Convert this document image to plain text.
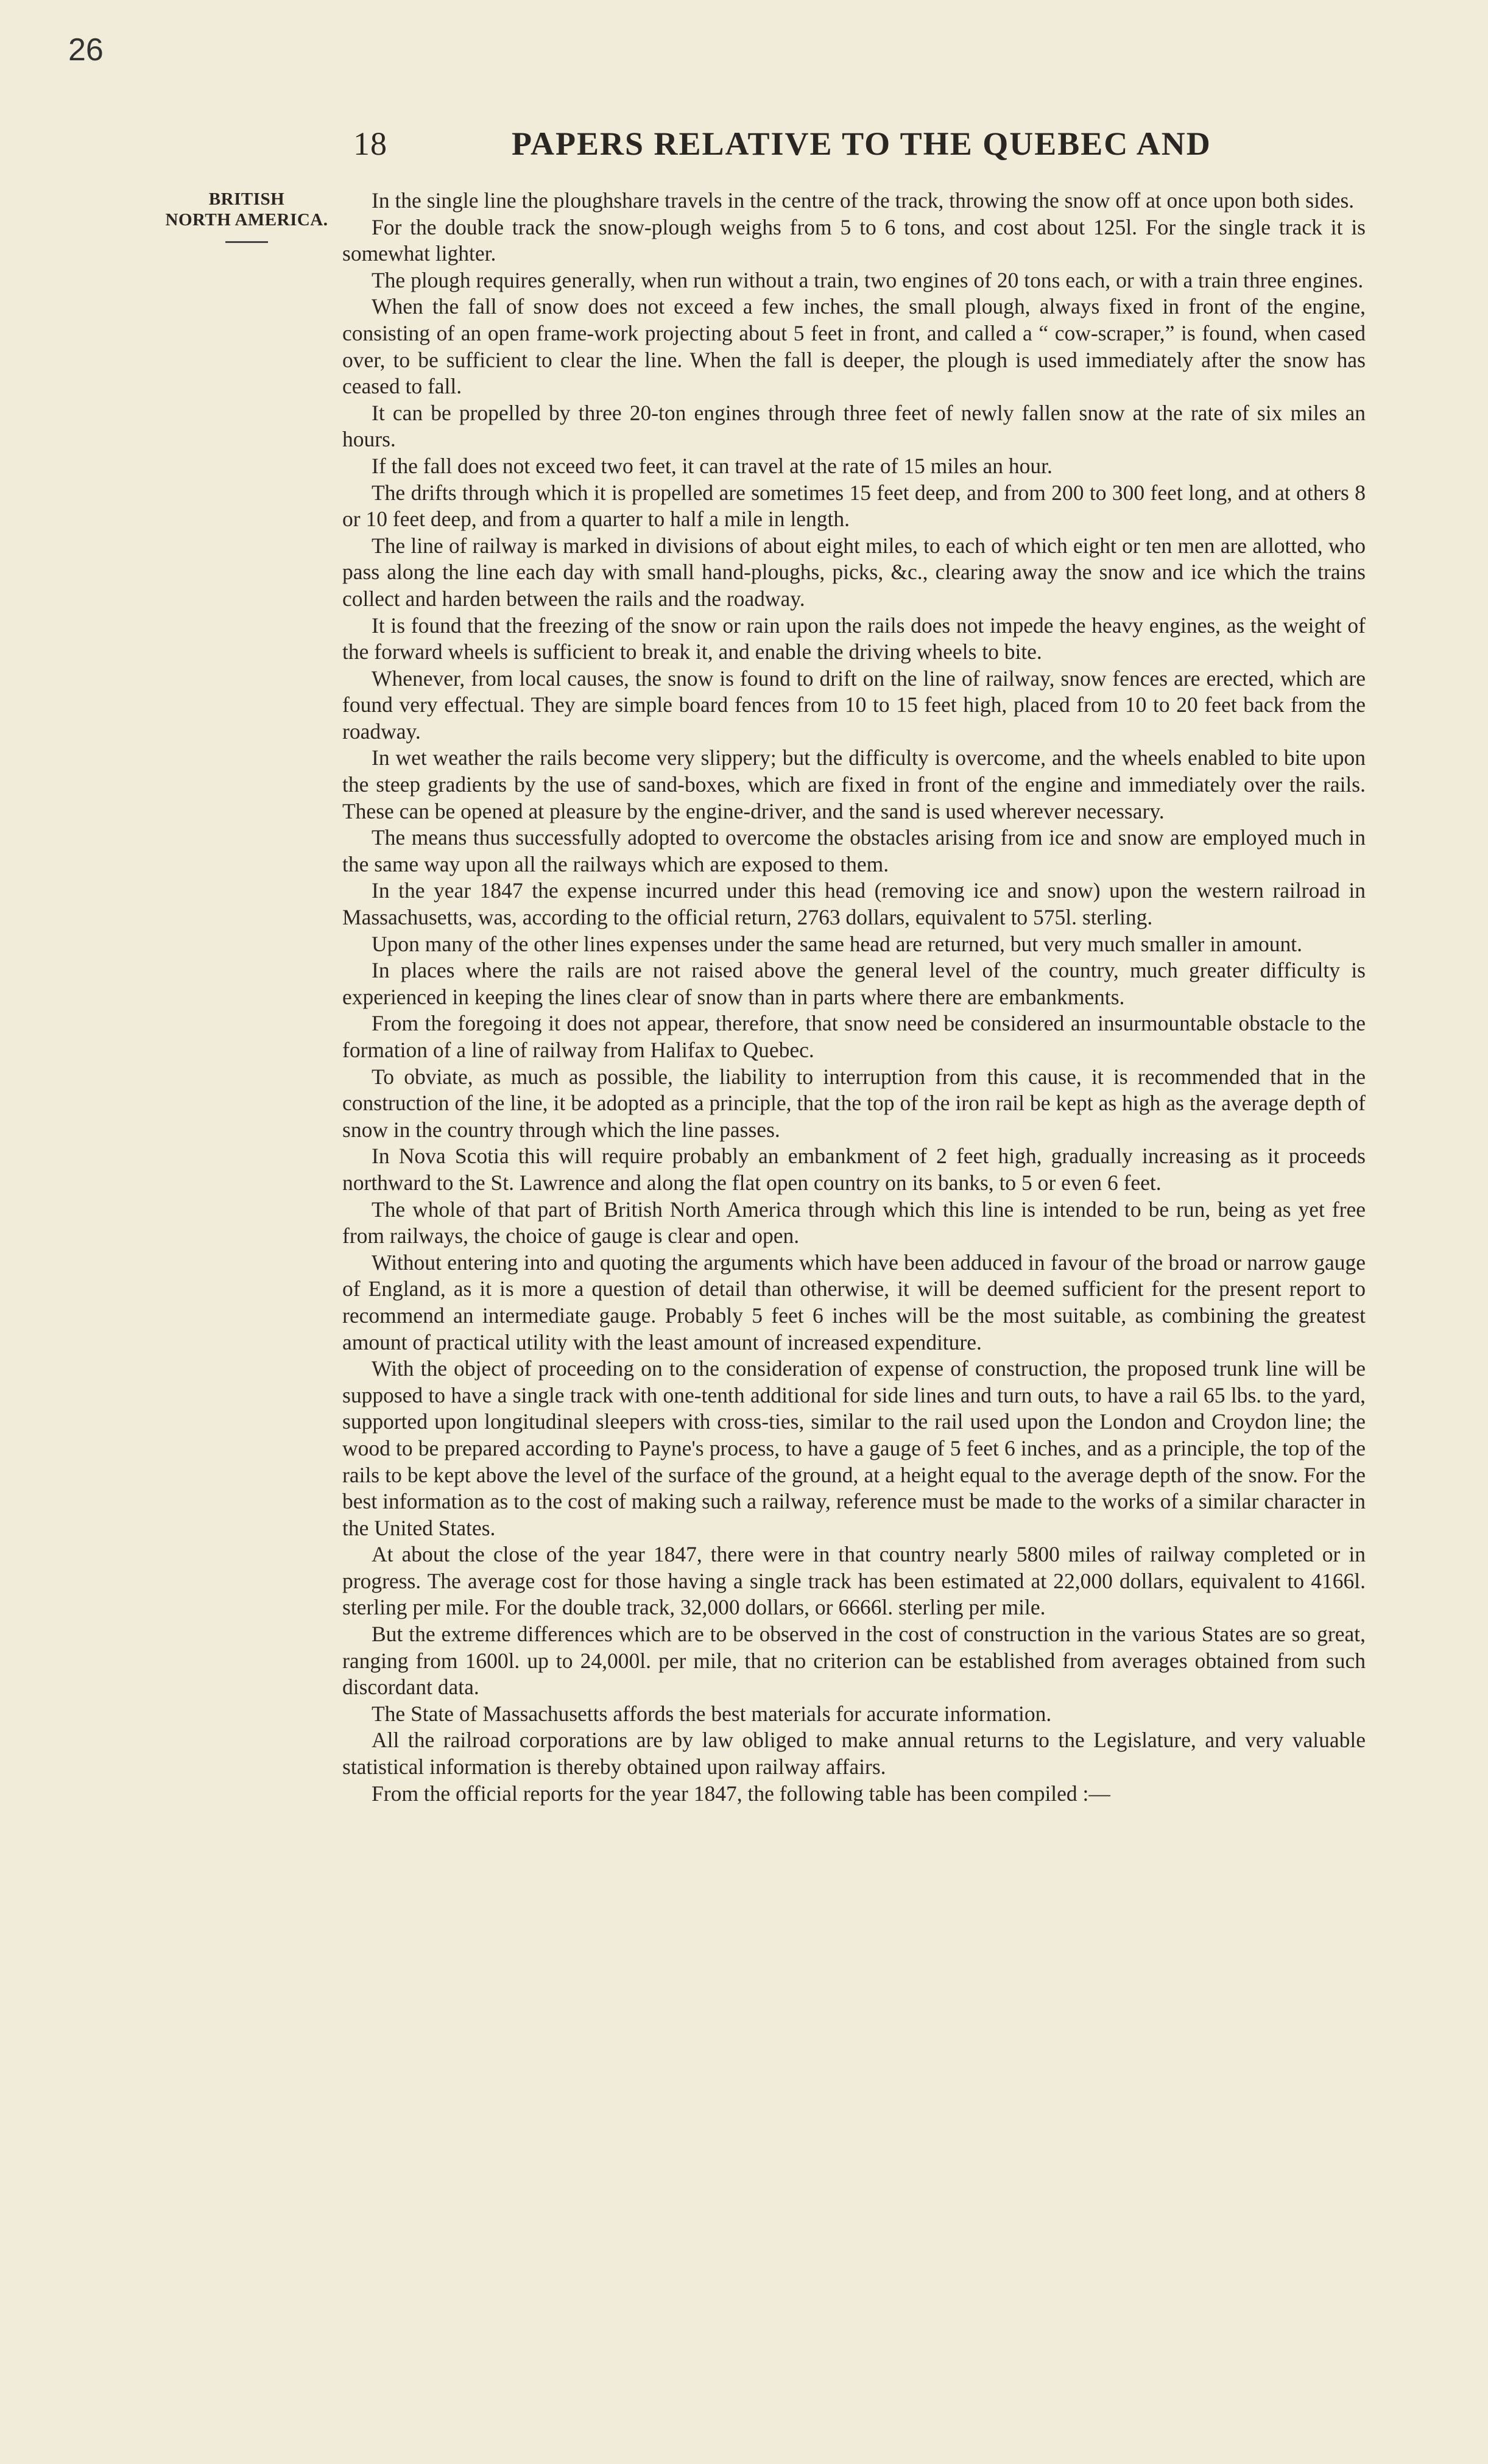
26
18	PAPERS RELATIVE TO THE QUEBEC AND
BRITISH
NORTH AMERICA.

In the single line the ploughshare travels in the centre of the track, throwing the snow off at once upon both sides.

For the double track the snow-plough weighs from 5 to 6 tons, and cost about 125l. For the single track it is somewhat lighter.

The plough requires generally, when run without a train, two engines of 20 tons each, or with a train three engines.

When the fall of snow does not exceed a few inches, the small plough, always fixed in front of the engine, consisting of an open frame-work projecting about 5 feet in front, and called a “ cow-scraper,” is found, when cased over, to be sufficient to clear the line. When the fall is deeper, the plough is used immediately after the snow has ceased to fall.

It can be propelled by three 20-ton engines through three feet of newly fallen snow at the rate of six miles an hours.

If the fall does not exceed two feet, it can travel at the rate of 15 miles an hour.

The drifts through which it is propelled are sometimes 15 feet deep, and from 200 to 300 feet long, and at others 8 or 10 feet deep, and from a quarter to half a mile in length.

The line of railway is marked in divisions of about eight miles, to each of which eight or ten men are allotted, who pass along the line each day with small hand-ploughs, picks, &c., clearing away the snow and ice which the trains collect and harden between the rails and the roadway.

It is found that the freezing of the snow or rain upon the rails does not impede the heavy engines, as the weight of the forward wheels is sufficient to break it, and enable the driving wheels to bite.

Whenever, from local causes, the snow is found to drift on the line of railway, snow fences are erected, which are found very effectual. They are simple board fences from 10 to 15 feet high, placed from 10 to 20 feet back from the roadway.

In wet weather the rails become very slippery; but the difficulty is overcome, and the wheels enabled to bite upon the steep gradients by the use of sand-boxes, which are fixed in front of the engine and immediately over the rails. These can be opened at pleasure by the engine-driver, and the sand is used wherever necessary.

The means thus successfully adopted to overcome the obstacles arising from ice and snow are employed much in the same way upon all the railways which are exposed to them.

In the year 1847 the expense incurred under this head (removing ice and snow) upon the western railroad in Massachusetts, was, according to the official return, 2763 dollars, equivalent to 575l. sterling.

Upon many of the other lines expenses under the same head are returned, but very much smaller in amount.

In places where the rails are not raised above the general level of the country, much greater difficulty is experienced in keeping the lines clear of snow than in parts where there are embankments.

From the foregoing it does not appear, therefore, that snow need be considered an insurmountable obstacle to the formation of a line of railway from Halifax to Quebec.

To obviate, as much as possible, the liability to interruption from this cause, it is recommended that in the construction of the line, it be adopted as a principle, that the top of the iron rail be kept as high as the average depth of snow in the country through which the line passes.

In Nova Scotia this will require probably an embankment of 2 feet high, gradually increasing as it proceeds northward to the St. Lawrence and along the flat open country on its banks, to 5 or even 6 feet.

The whole of that part of British North America through which this line is intended to be run, being as yet free from railways, the choice of gauge is clear and open.

Without entering into and quoting the arguments which have been adduced in favour of the broad or narrow gauge of England, as it is more a question of detail than otherwise, it will be deemed sufficient for the present report to recommend an intermediate gauge. Probably 5 feet 6 inches will be the most suitable, as combining the greatest amount of practical utility with the least amount of increased expenditure.

With the object of proceeding on to the consideration of expense of construction, the proposed trunk line will be supposed to have a single track with one-tenth additional for side lines and turn outs, to have a rail 65 lbs. to the yard, supported upon longitudinal sleepers with cross-ties, similar to the rail used upon the London and Croydon line; the wood to be prepared according to Payne's process, to have a gauge of 5 feet 6 inches, and as a principle, the top of the rails to be kept above the level of the surface of the ground, at a height equal to the average depth of the snow. For the best information as to the cost of making such a railway, reference must be made to the works of a similar character in the United States.

At about the close of the year 1847, there were in that country nearly 5800 miles of railway completed or in progress. The average cost for those having a single track has been estimated at 22,000 dollars, equivalent to 4166l. sterling per mile. For the double track, 32,000 dollars, or 6666l. sterling per mile.

But the extreme differences which are to be observed in the cost of construction in the various States are so great, ranging from 1600l. up to 24,000l. per mile, that no criterion can be established from averages obtained from such discordant data.

The State of Massachusetts affords the best materials for accurate information.

All the railroad corporations are by law obliged to make annual returns to the Legislature, and very valuable statistical information is thereby obtained upon railway affairs.

From the official reports for the year 1847, the following table has been compiled :—
